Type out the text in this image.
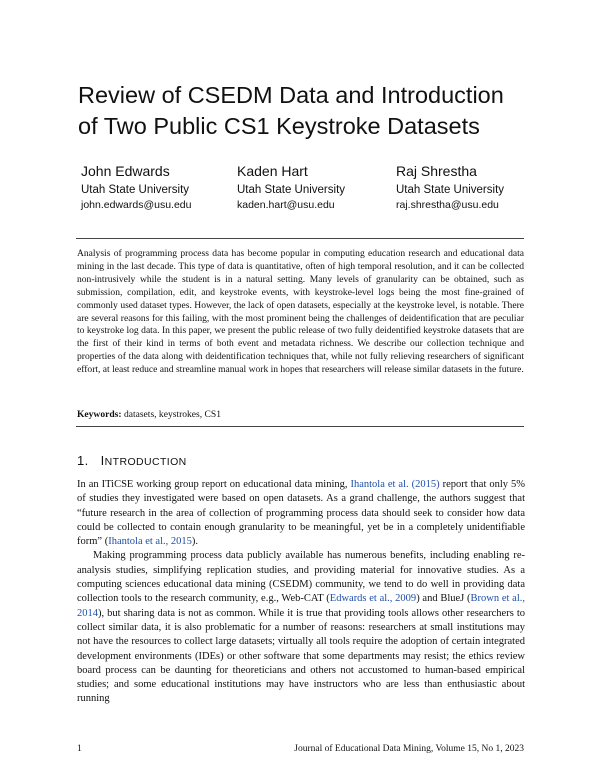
Review of CSEDM Data and Introduction
of Two Public CS1 Keystroke Datasets
John Edwards
Utah State University
john.edwards@usu.edu
Kaden Hart
Utah State University
kaden.hart@usu.edu
Raj Shrestha
Utah State University
raj.shrestha@usu.edu

Analysis of programming process data has become popular in computing education research and educational data mining in the last decade. This type of data is quantitative, often of high temporal resolution, and it can be collected non-intrusively while the student is in a natural setting. Many levels of granularity can be obtained, such as submission, compilation, edit, and keystroke events, with keystroke-level logs being the most fine-grained of commonly used dataset types. However, the lack of open datasets, especially at the keystroke level, is notable. There are several reasons for this failing, with the most prominent being the challenges of deidentification that are peculiar to keystroke log data. In this paper, we present the public release of two fully deidentified keystroke datasets that are the first of their kind in terms of both event and metadata richness. We describe our collection technique and properties of the data along with deidentification techniques that, while not fully relieving researchers of significant effort, at least reduce and streamline manual work in hopes that researchers will release similar datasets in the future.

Keywords: datasets, keystrokes, CS1
1. INTRODUCTION

In an ITiCSE working group report on educational data mining, Ihantola et al. (2015) report that only 5% of studies they investigated were based on open datasets. As a grand challenge, the authors suggest that “future research in the area of collection of programming process data should seek to consider how data could be collected to contain enough granularity to be meaningful, yet be in a completely unidentifiable form” (Ihantola et al., 2015).

Making programming process data publicly available has numerous benefits, including enabling re-analysis studies, simplifying replication studies, and providing material for innovative studies. As a computing sciences educational data mining (CSEDM) community, we tend to do well in providing data collection tools to the research community, e.g., Web-CAT (Edwards et al., 2009) and BlueJ (Brown et al., 2014), but sharing data is not as common. While it is true that providing tools allows other researchers to collect similar data, it is also problematic for a number of reasons: researchers at small institutions may not have the resources to collect large datasets; virtually all tools require the adoption of certain integrated development environments (IDEs) or other software that some departments may resist; the ethics review board process can be daunting for theoreticians and others not accustomed to human-based empirical studies; and some educational institutions may have instructors who are less than enthusiastic about running

1	Journal of Educational Data Mining, Volume 15, No 1, 2023
